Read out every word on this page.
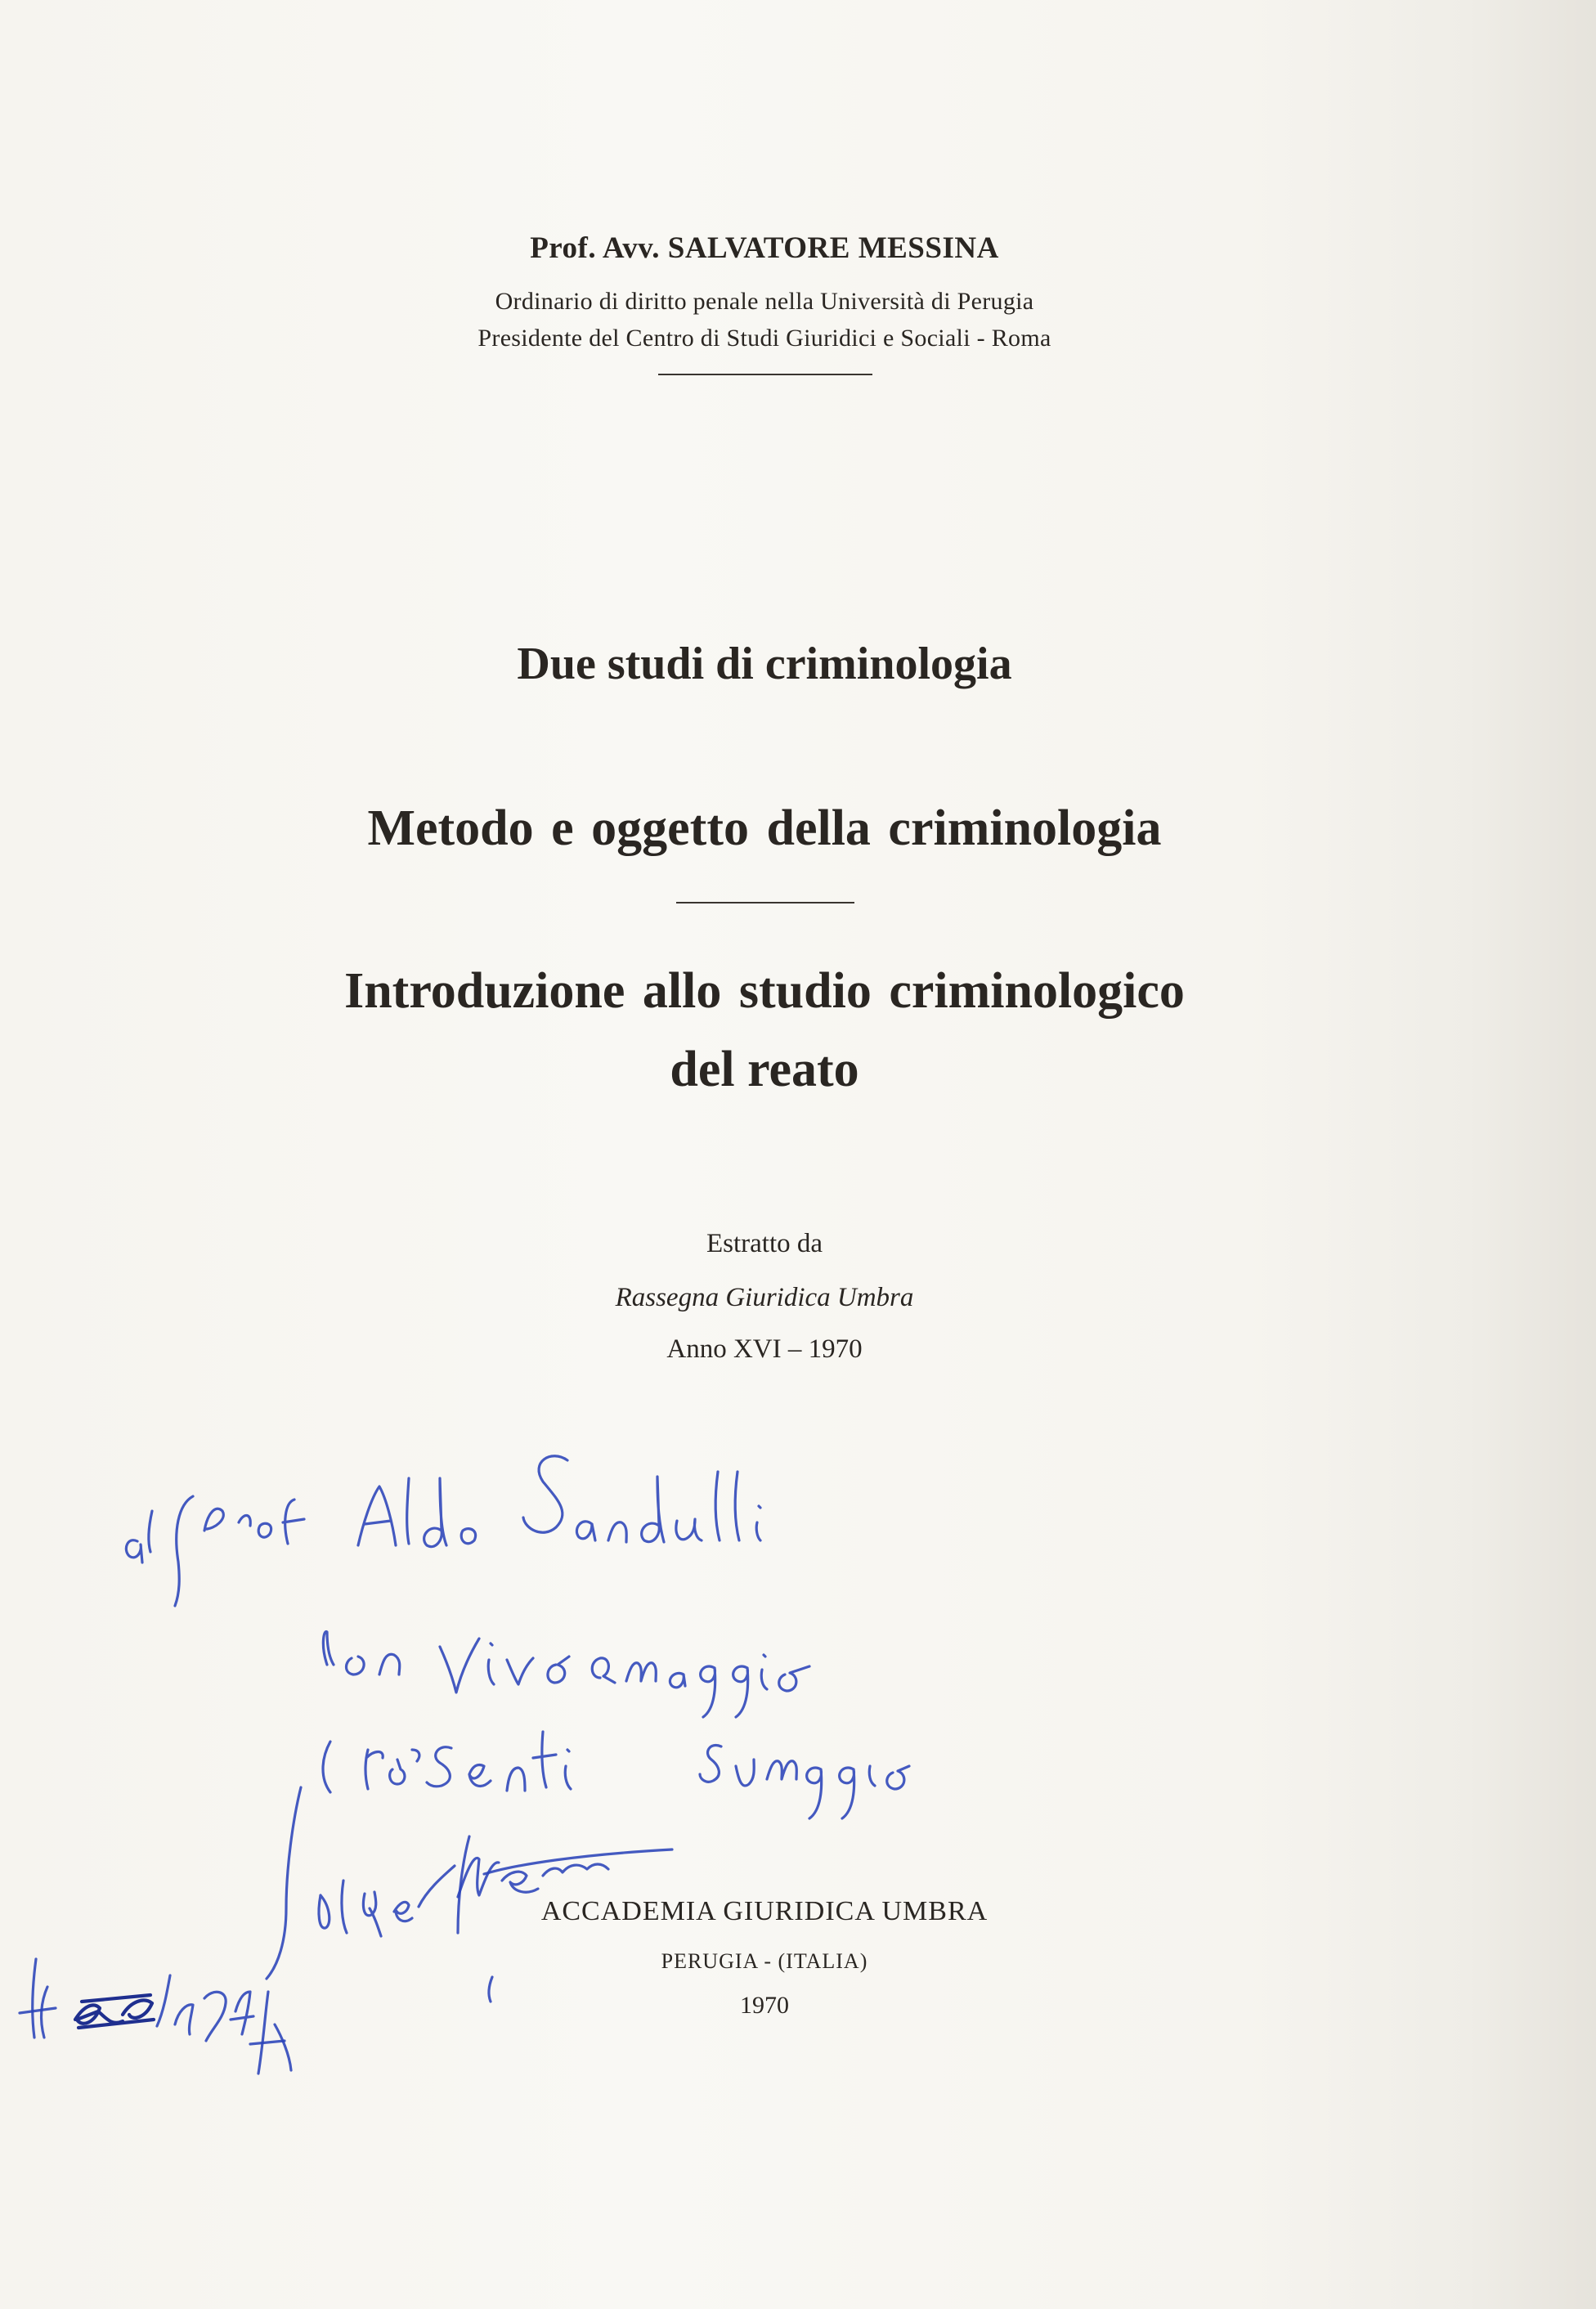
Prof. Avv. SALVATORE MESSINA
Ordinario di diritto penale nella Università di Perugia
Presidente del Centro di Studi Giuridici e Sociali - Roma
Due studi di criminologia
Metodo e oggetto della criminologia
Introduzione allo studio criminologico
del reato
Estratto da
Rassegna Giuridica Umbra
Anno XVI – 1970
ACCADEMIA GIURIDICA UMBRA
PERUGIA - (ITALIA)
1970
